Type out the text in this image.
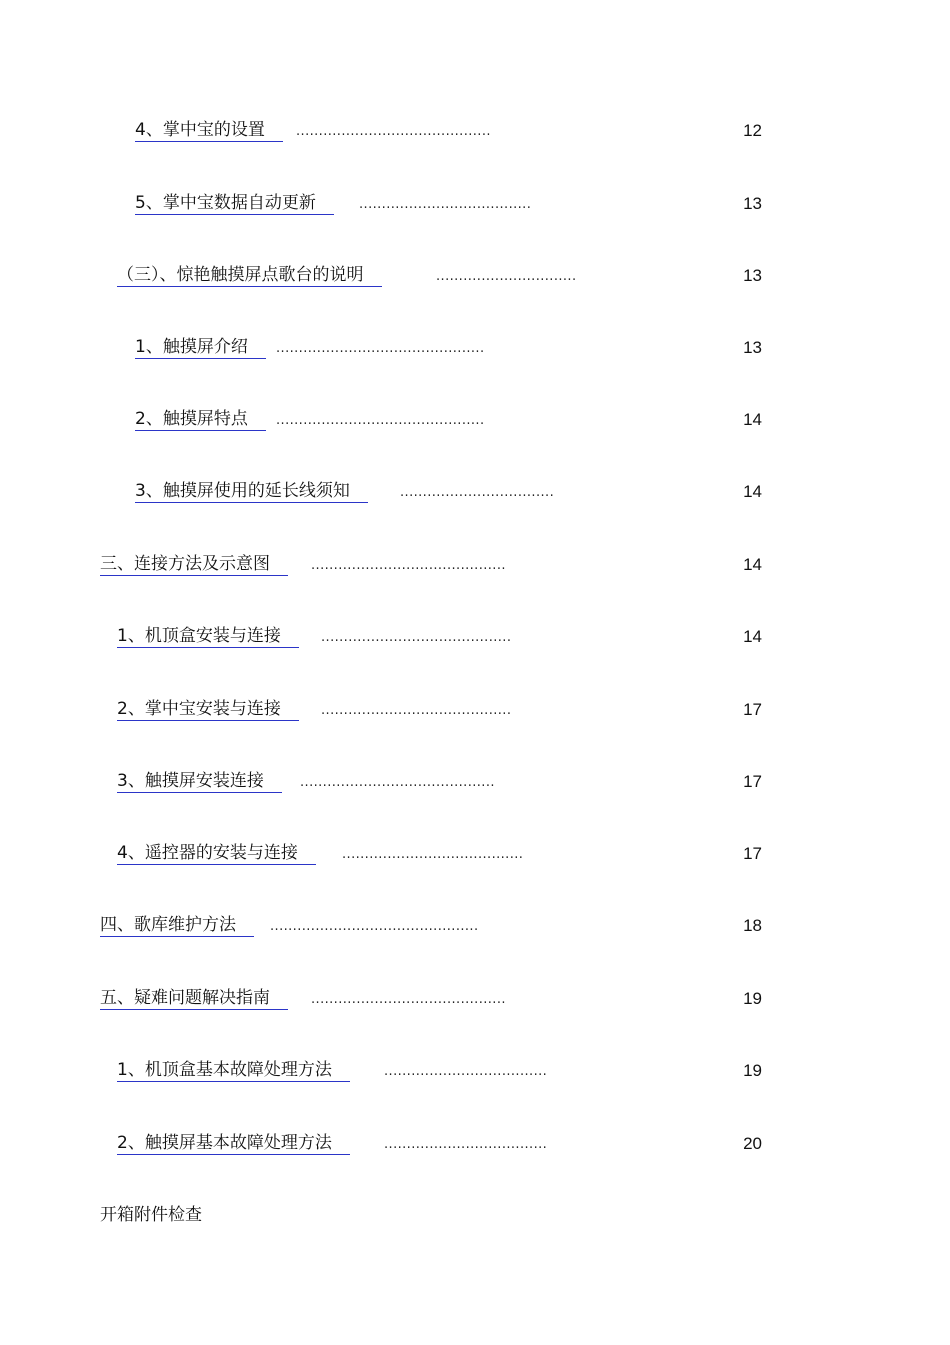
4、掌中宝的设置	...........................................	12
5、掌中宝数据自动更新	......................................	13
（三）、惊艳触摸屏点歌台的说明	...............................	13
1、触摸屏介绍	..............................................	13
2、触摸屏特点	..............................................	14
3、触摸屏使用的延长线须知	..................................	14
三、连接方法及示意图	...........................................	14
1、机顶盒安装与连接	..........................................	14
2、掌中宝安装与连接	..........................................	17
3、触摸屏安装连接	...........................................	17
4、遥控器的安装与连接	........................................	17
四、歌库维护方法	..............................................	18
五、疑难问题解决指南	...........................................	19
1、机顶盒基本故障处理方法	....................................	19
2、触摸屏基本故障处理方法	....................................	20
开箱附件检查
